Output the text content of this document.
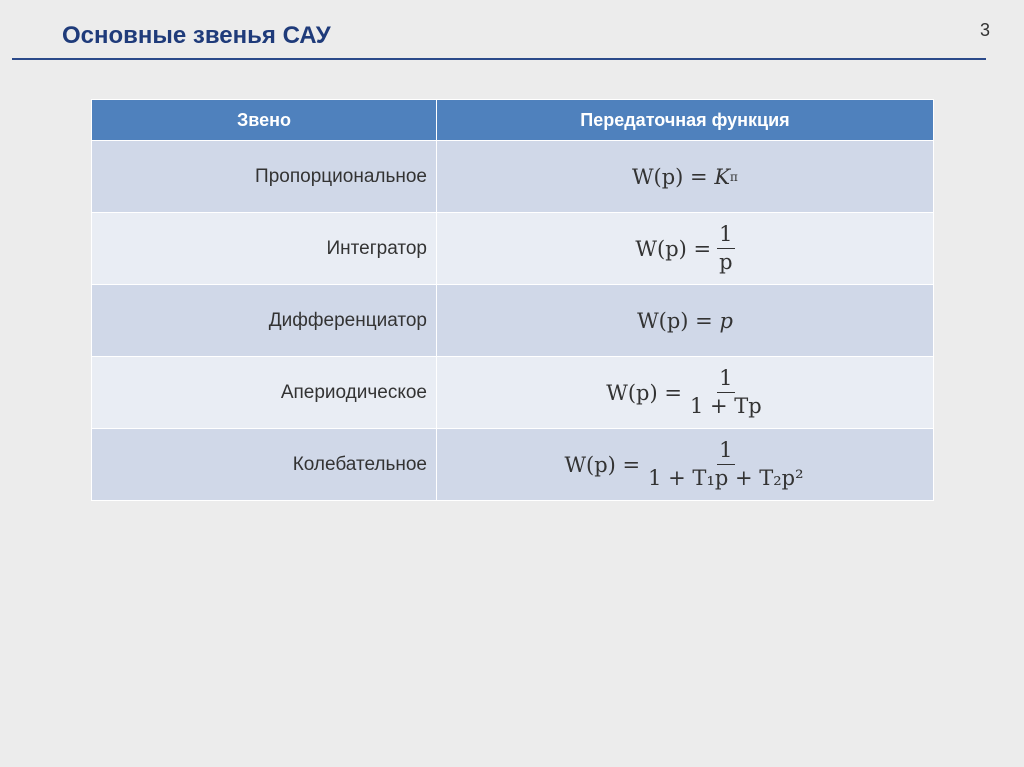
Основные звенья САУ	3
Звено	Передаточная функция
Пропорциональное	W(p) =
K п

Интегратор	$W(p) = \frac{1}{p}$

Дифференциатор	W(p) =
p

Апериодическое	$W(p) = \frac{1}{1 + Tp}$

Колебательное	$W(p) = \frac{1}{\text{1 + T₁p + T₂p²}}$
